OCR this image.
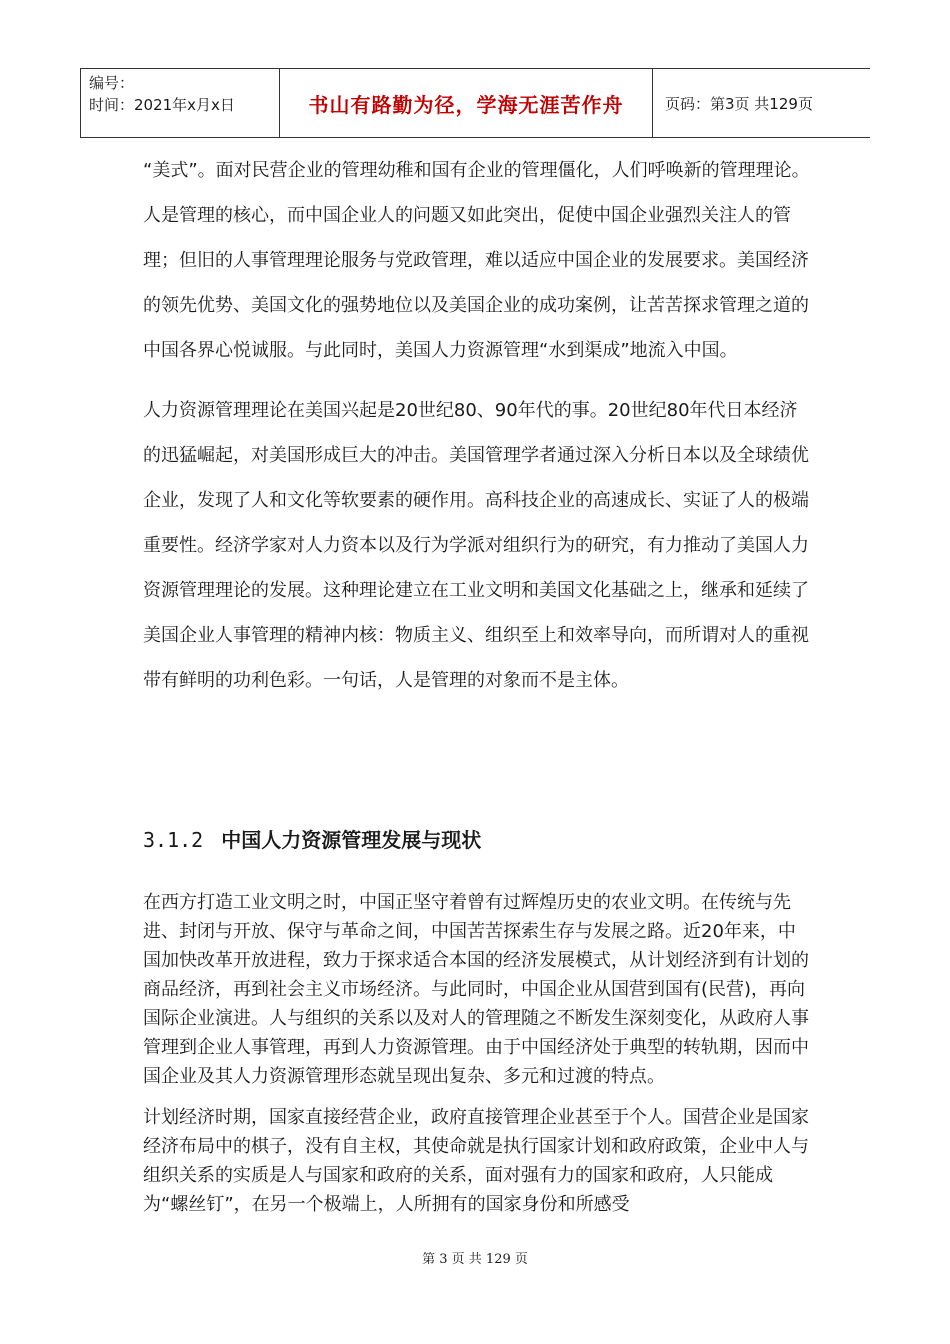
编号：
时间：2021年x月x日	书山有路勤为径，学海无涯苦作舟	页码：第3页 共129页

“美式”。面对民营企业的管理幼稚和国有企业的管理僵化，人们呼唤新的管理理论。人是管理的核心，而中国企业人的问题又如此突出，促使中国企业强烈关注人的管理；但旧的人事管理理论服务与党政管理，难以适应中国企业的发展要求。美国经济的领先优势、美国文化的强势地位以及美国企业的成功案例，让苦苦探求管理之道的中国各界心悦诚服。与此同时，美国人力资源管理“水到渠成”地流入中国。

人力资源管理理论在美国兴起是20世纪80、90年代的事。20世纪80年代日本经济的迅猛崛起，对美国形成巨大的冲击。美国管理学者通过深入分析日本以及全球绩优企业，发现了人和文化等软要素的硬作用。高科技企业的高速成长、实证了人的极端重要性。经济学家对人力资本以及行为学派对组织行为的研究，有力推动了美国人力资源管理理论的发展。这种理论建立在工业文明和美国文化基础之上，继承和延续了美国企业人事管理的精神内核：物质主义、组织至上和效率导向，而所谓对人的重视带有鲜明的功利色彩。一句话，人是管理的对象而不是主体。

3.1.2 中国人力资源管理发展与现状

在西方打造工业文明之时，中国正坚守着曾有过辉煌历史的农业文明。在传统与先进、封闭与开放、保守与革命之间，中国苦苦探索生存与发展之路。近20年来，中国加快改革开放进程，致力于探求适合本国的经济发展模式，从计划经济到有计划的商品经济，再到社会主义市场经济。与此同时，中国企业从国营到国有(民营)，再向国际企业演进。人与组织的关系以及对人的管理随之不断发生深刻变化，从政府人事管理到企业人事管理，再到人力资源管理。由于中国经济处于典型的转轨期，因而中国企业及其人力资源管理形态就呈现出复杂、多元和过渡的特点。

计划经济时期，国家直接经营企业，政府直接管理企业甚至于个人。国营企业是国家经济布局中的棋子，没有自主权，其使命就是执行国家计划和政府政策，企业中人与组织关系的实质是人与国家和政府的关系，面对强有力的国家和政府，人只能成为“螺丝钉”，在另一个极端上，人所拥有的国家身份和所感受

第 3 页 共 129 页
